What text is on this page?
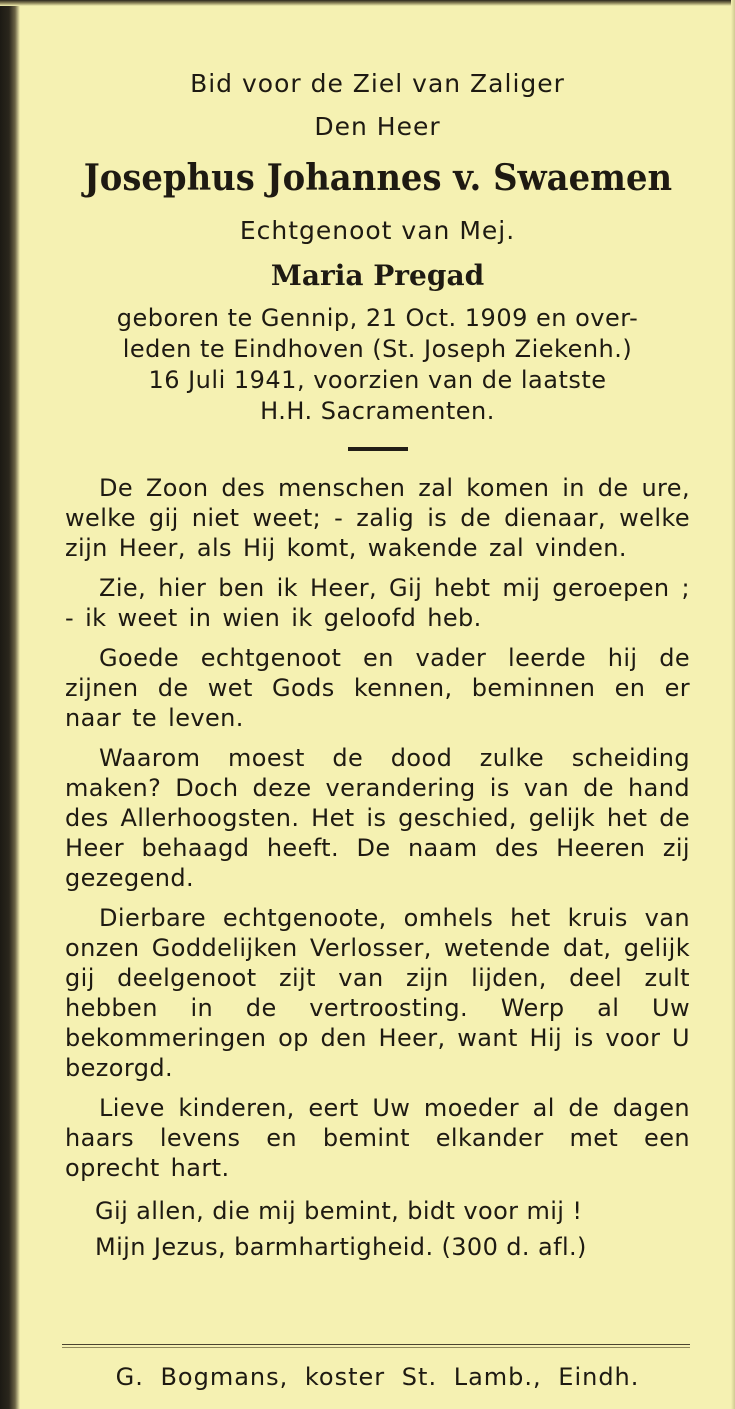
Bid voor de Ziel van Zaliger
Den Heer
Josephus Johannes v. Swaemen
Echtgenoot van Mej.
Maria Pregad
geboren te Gennip, 21 Oct. 1909 en over-
leden te Eindhoven (St. Joseph Ziekenh.)
16 Juli 1941, voorzien van de laatste
H.H. Sacramenten.
De Zoon des menschen zal komen in de ure, welke gij niet weet; - zalig is de dienaar, welke zijn Heer, als Hij komt, wakende zal vinden.
Zie, hier ben ik Heer, Gij hebt mij geroepen ; - ik weet in wien ik geloofd heb.
Goede echtgenoot en vader leerde hij de zijnen de wet Gods kennen, beminnen en er naar te leven.
Waarom moest de dood zulke scheiding maken? Doch deze verandering is van de hand des Allerhoogsten. Het is geschied, gelijk het de Heer behaagd heeft. De naam des Heeren zij gezegend.
Dierbare echtgenoote, omhels het kruis van onzen Goddelijken Verlosser, wetende dat, gelijk gij deelgenoot zijt van zijn lijden, deel zult hebben in de vertroosting. Werp al Uw bekommeringen op den Heer, want Hij is voor U bezorgd.
Lieve kinderen, eert Uw moeder al de dagen haars levens en bemint elkander met een oprecht hart.
Gij allen, die mij bemint, bidt voor mij !
Mijn Jezus, barmhartigheid. (300 d. afl.)
G. Bogmans, koster St. Lamb., Eindh.
